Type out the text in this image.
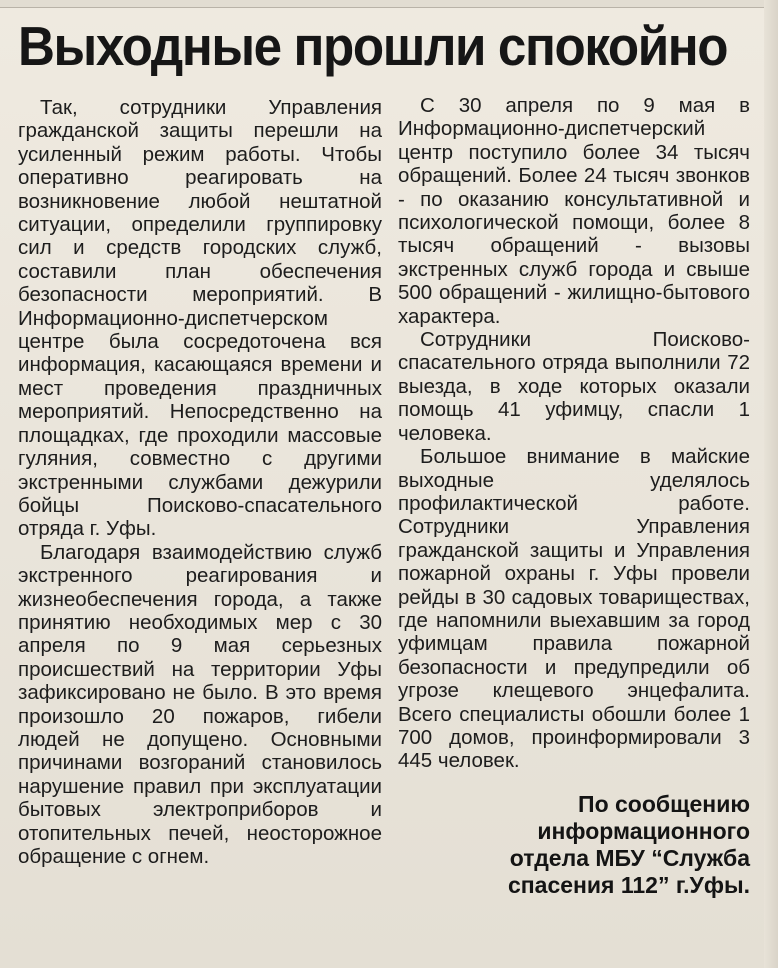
Выходные прошли спокойно

Так, сотрудники Управления гражданской защиты перешли на усиленный режим работы. Чтобы оперативно реагировать на возникновение любой нештатной ситуации, определили группировку сил и средств городских служб, составили план обеспечения безопасности мероприятий. В Информационно-диспетчерском центре была сосредоточена вся информация, касающаяся времени и мест проведения праздничных мероприятий. Непосредственно на площадках, где проходили массовые гуляния, совместно с другими экстренными службами дежурили бойцы Поисково-спасательного отряда г. Уфы.

Благодаря взаимодействию служб экстренного реагирования и жизнеобеспечения города, а также принятию необходимых мер с 30 апреля по 9 мая серьезных происшествий на территории Уфы зафиксировано не было. В это время произошло 20 пожаров, гибели людей не допущено. Основными причинами возгораний становилось нарушение правил при эксплуатации бытовых электроприборов и отопительных печей, неосторожное обращение с огнем.

С 30 апреля по 9 мая в Информационно-диспетчерский центр поступило более 34 тысяч обращений. Более 24 тысяч звонков - по оказанию консультативной и психологической помощи, более 8 тысяч обращений - вызовы экстренных служб города и свыше 500 обращений - жилищно-бытового характера.

Сотрудники Поисково-спасательного отряда выполнили 72 выезда, в ходе которых оказали помощь 41 уфимцу, спасли 1 человека.

Большое внимание в майские выходные уделялось профилактической работе. Сотрудники Управления гражданской защиты и Управления пожарной охраны г. Уфы провели рейды в 30 садовых товариществах, где напомнили выехавшим за город уфимцам правила пожарной безопасности и предупредили об угрозе клещевого энцефалита. Всего специалисты обошли более 1 700 домов, проинформировали 3 445 человек.

По сообщению
информационного
отдела МБУ “Служба
спасения 112” г.Уфы.
